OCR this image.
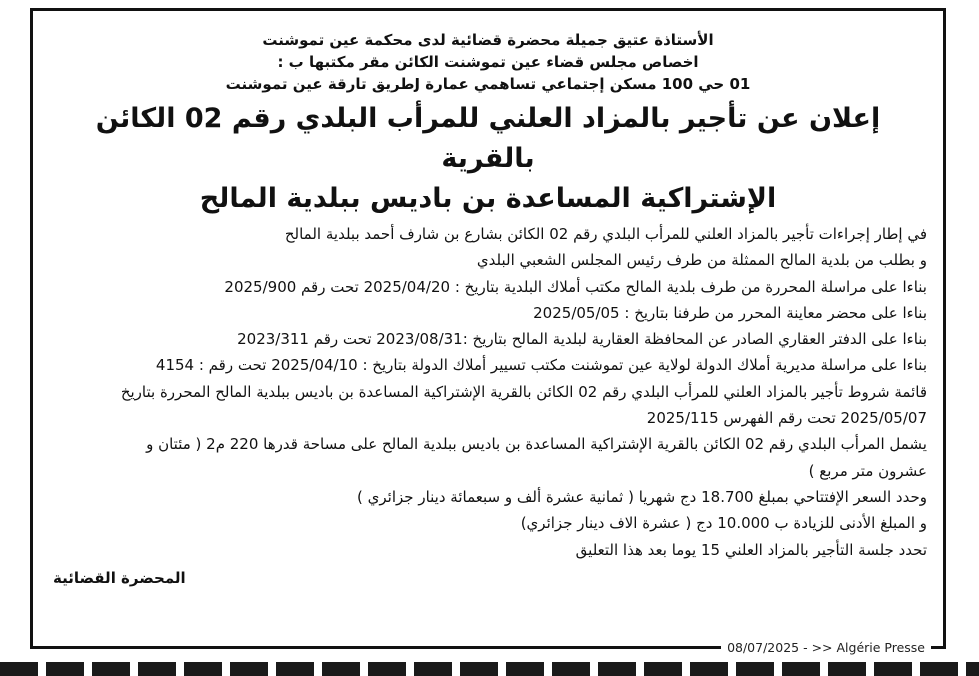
الأستاذة عتيق جميلة محضرة قضائية لدى محكمة عين تموشنت
اخصاص مجلس قضاء عين تموشنت الكائن مقر مكتبها ب :
01 حي 100 مسكن إجتماعي تساهمي عمارة Jطريق تارقة عين تموشنت
إعلان عن تأجير بالمزاد العلني للمرأب البلدي رقم 02 الكائن بالقرية
الإشتراكية المساعدة بن باديس ببلدية المالح

في إطار إجراءات تأجير بالمزاد العلني للمرأب البلدي رقم 02 الكائن بشارع بن شارف أحمد ببلدية المالح

و بطلب من بلدية المالح الممثلة من طرف رئيس المجلس الشعبي البلدي

بناءا على مراسلة المحررة من طرف بلدية المالح مكتب أملاك البلدية بتاريخ : 2025/04/20 تحت رقم 2025/900

بناءا على محضر معاينة المحرر من طرفنا بتاريخ : 2025/05/05

بناءا على الدفتر العقاري الصادر عن المحافظة العقارية لبلدية المالح بتاريخ :2023/08/31 تحت رقم 2023/311

بناءا على مراسلة مديرية أملاك الدولة لولاية عين تموشنت مكتب تسيير أملاك الدولة بتاريخ : 2025/04/10 تحت رقم : 4154

قائمة شروط تأجير بالمزاد العلني للمرأب البلدي رقم 02 الكائن بالقرية الإشتراكية المساعدة بن باديس ببلدية المالح المحررة بتاريخ

2025/05/07 تحت رقم الفهرس 2025/115

يشمل المرأب البلدي رقم 02 الكائن بالقرية الإشتراكية المساعدة بن باديس ببلدية المالح على مساحة قدرها 220 م2 ( مئتان و

عشرون متر مربع )

وحدد السعر الإفتتاحي بمبلغ 18.700 دج شهريا ( ثمانية عشرة ألف و سبعمائة دينار جزائري )

و المبلغ الأدنى للزيادة ب 10.000 دج ( عشرة الاف دينار جزائري)

تحدد جلسة التأجير بالمزاد العلني 15 يوما بعد هذا التعليق

المحضرة القضائية
08/07/2025 - >> Algérie Presse
